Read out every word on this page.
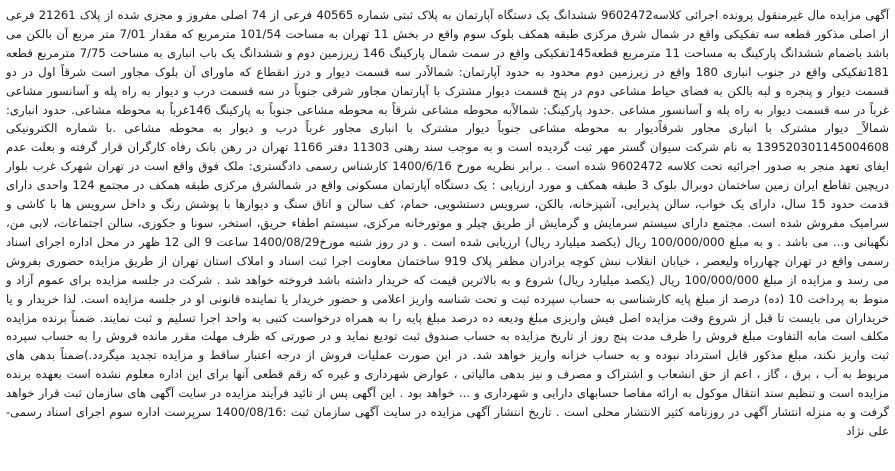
آگهی مزایده مال غیرمنقول پرونده اجرائی کلاسه9602472 ششدانگ یک دستگاه آپارتمان به پلاک ثبتی شماره 40565 فرعی از 74 اصلی مفروز و مجزی شده از پلاک 21261 فرعی از اصلی مذکور قطعه سه تفکیکی واقع در شمال شرق مرکزی طبقه همکف بلوک سوم واقع در بخش 11 تهران به مساحت 101/54 مترمربع که مقدار 7/01 متر مربع آن بالکن می باشد باضمام ششدانگ پارکینگ به مساحت 11 مترمربع قطعه145تفکیکی واقع در سمت شمال پارکینگ 146 زیرزمین دوم و ششدانگ یک باب انباری به مساحت 7/75 مترمربع قطعه 181تفکیکی واقع در جنوب انباری 180 واقع در زیرزمین دوم محدود به حدود آپارتمان: شمالاًدر سه قسمت دیوار و درز انقطاع که ماورای آن بلوک مجاور است شرقاً اول در دو قسمت دیوار و پنجره و لبه بالکن به فضای حیاط مشاعی دوم در پنج قسمت دیوار مشترک با آپارتمان مجاور شرقی جنوباً در سه قسمت درب و دیوار به راه پله و آسانسور مشاعی غرباً در سه قسمت دیوار به راه پله و آسانسور مشاعی .حدود پارکینگ: شمالاًبه محوطه مشاعی شرقاً به محوطه مشاعی جنوباً به پارکینگ 146غرباً به محوطه مشاعی. حدود انباری: شمالاً_ دیوار مشترک با انباری مجاور شرقاًدیوار به محوطه مشاعی جنوباً دیوار مشترک با انباری مجاور غرباً درب و دیوار به محوطه مشاعی .با شماره الکترونیکی 139520301145004608 به نام شرکت سیوان گستر مهر ثبت گردیده است و به موجب سند رهنی 11303 دفتر 1166 تهران در رهن بانک رفاه کارگران قرار گرفته و بعلت عدم ایفای تعهد منجر به صدور اجرائیه تحت کلاسه 9602472 شده است . برابر نظریه مورخ 1400/6/16 کارشناس رسمی دادگستری: ملک فوق واقع است در تهران شهرک غرب بلوار دریچین تقاطع ایران زمین ساختمان دوبرال بلوک 3 طبقه همکف و مورد ارزیابی : یک دستگاه آپارتمان مسکونی واقع در شمالشرق مرکزی طبقه همکف در مجتمع 124 واحدی دارای قدمت حدود 15 سال، دارای یک خواب، سالن پذیرایی، آشپزخانه، بالکن، سرویس دستشویی، حمام، کف سالن و اتاق سنگ و دیوارها با پوشش رنگ و داخل سرویس ها با کاشی و سرامیک مفروش شده است. مجتمع دارای سیستم سرمایش و گرمایش از طریق چیلر و موتورخانه مرکزی، سیستم اطفاء حریق، استخر، سونا و جکوزی، سالن اجتماعات، لابی من، نگهبانی و... می باشد . و به مبلغ 100/000/000 ریال (یکصد میلیارد ریال) ارزیابی شده است . و در روز شنبه مورخ1400/08/29 ساعت 9 الی 12 ظهر در محل اداره اجرای اسناد رسمی واقع در تهران چهارراه ولیعصر ، خیابان انقلاب نبش کوچه برادران مظفر پلاک 919 ساختمان معاونت اجرا ثبت اسناد و املاک استان تهران از طریق مزایده حضوری بفروش می رسد و مزایده از مبلغ 100/000/000 ریال (یکصد میلیارد ریال) شروع و به بالاترین قیمت که خریدار داشته باشد فروخته خواهد شد . شرکت در جلسه مزایده برای عموم آزاد و منوط به پرداخت 10 (ده) درصد از مبلغ پایه کارشناسی به حساب سپرده ثبت و تحت شناسه واریز اعلامی و حضور خریدار یا نماینده قانونی او در جلسه مزایده است. لذا خریدار و یا خریداران می بایست تا قبل از شروع وقت مزایده اصل فیش واریزی مبلغ ودیعه ده درصد مبلغ پایه را به همراه درخواست کتبی به واحد اجرا تسلیم و ثبت نمایند. ضمناً برنده مزایده مکلف است مابه التفاوت مبلغ فروش را ظرف مدت پنج روز از تاریخ مزایده به حساب صندوق ثبت تودیع نماید و در صورتی که ظرف مهلت مقرر مانده فروش را به حساب سپرده ثبت واریز نکند، مبلغ مذکور قابل استرداد نبوده و به حساب خزانه واریز خواهد شد. در این صورت عملیات فروش از درجه اعتبار ساقط و مزایده تجدید میگردد.)ضمناً بدهی های مربوط به آب ، برق ، گاز ، اعم از حق انشعاب و اشتراک و مصرف و نیز بدهی مالیاتی ، عوارض شهرداری و غیره که رقم قطعی آنها برای این اداره معلوم نشده است بعهده برنده مزایده است و تنظیم سند انتقال موکول به ارائه مفاصا حسابهای دارایی و شهرداری و ... خواهد بود . این آگهی پس از تائید فرآیند مزایده در سایت آگهی های سازمان ثبت قرار خواهد گرفت و به منزله انتشار آگهی در روزنامه کثیر الانتشار محلی است . تاریخ انتشار آگهی مزایده در سایت آگهی سازمان ثبت :1400/08/16 سرپرست اداره سوم اجرای اسناد رسمی- علی نژاد
